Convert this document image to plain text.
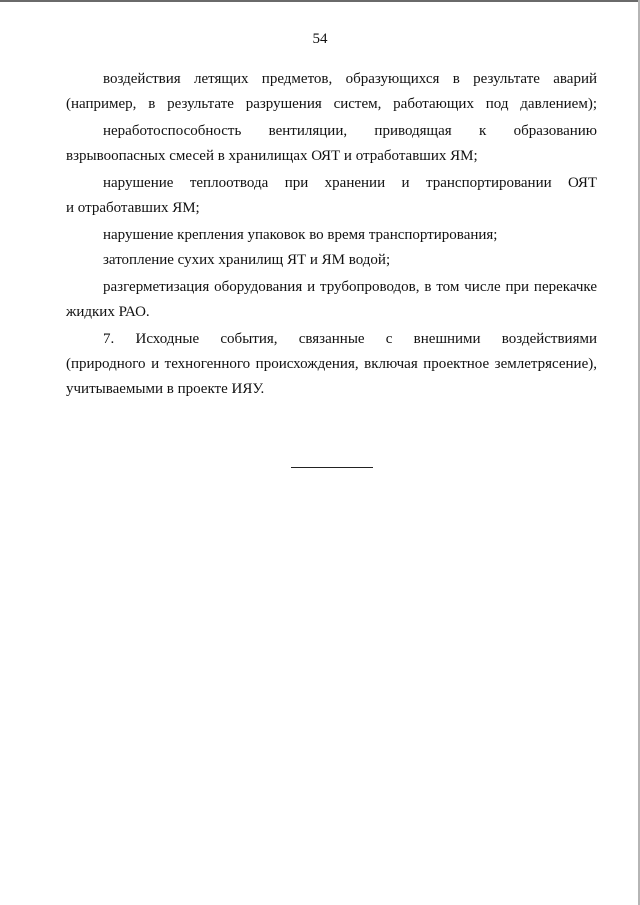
54
воздействия летящих предметов, образующихся в результате аварий
(например, в результате разрушения систем, работающих под давлением);
неработоспособность вентиляции, приводящая к образованию
взрывоопасных смесей в хранилищах ОЯТ и отработавших ЯМ;
нарушение теплоотвода при хранении и транспортировании ОЯТ
и отработавших ЯМ;
нарушение крепления упаковок во время транспортирования;
затопление сухих хранилищ ЯТ и ЯМ водой;
разгерметизация оборудования и трубопроводов, в том числе при перекачке
жидких РАО.
7. Исходные события, связанные с внешними воздействиями
(природного и техногенного происхождения, включая проектное землетрясение),
учитываемыми в проекте ИЯУ.
